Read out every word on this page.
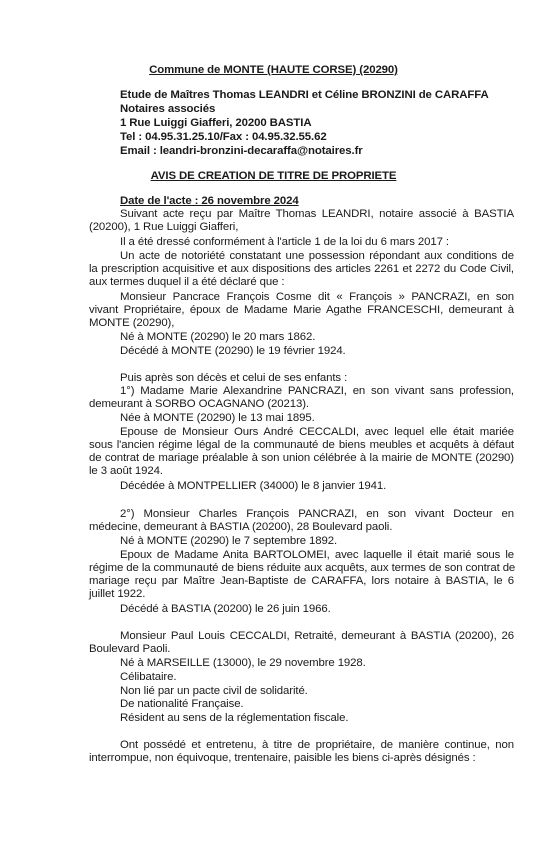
Commune de MONTE (HAUTE CORSE) (20290)
Etude de Maîtres Thomas LEANDRI et Céline BRONZINI de CARAFFA
Notaires associés
1 Rue Luiggi Giafferi, 20200 BASTIA
Tel : 04.95.31.25.10/Fax : 04.95.32.55.62
Email : leandri-bronzini-decaraffa@notaires.fr
AVIS DE CREATION DE TITRE DE PROPRIETE
Date de l'acte : 26 novembre 2024
Suivant acte reçu par Maître Thomas LEANDRI, notaire associé à BASTIA
(20200), 1 Rue Luiggi Giafferi,
Il a été dressé conformément à l'article 1 de la loi du 6 mars 2017 :
Un acte de notoriété constatant une possession répondant aux conditions de
la prescription acquisitive et aux dispositions des articles 2261 et 2272 du Code Civil,
aux termes duquel il a été déclaré que :
Monsieur Pancrace François Cosme dit « François » PANCRAZI, en son
vivant Propriétaire, époux de Madame Marie Agathe FRANCESCHI, demeurant à
MONTE (20290),
Né à MONTE (20290) le 20 mars 1862.
Décédé à MONTE (20290) le 19 février 1924.
Puis après son décès et celui de ses enfants :
1°) Madame Marie Alexandrine PANCRAZI, en son vivant sans profession,
demeurant à SORBO OCAGNANO (20213).
Née à MONTE (20290) le 13 mai 1895.
Epouse de Monsieur Ours André CECCALDI, avec lequel elle était mariée
sous l'ancien régime légal de la communauté de biens meubles et acquêts à défaut
de contrat de mariage préalable à son union célébrée à la mairie de MONTE (20290)
le 3 août 1924.
Décédée à MONTPELLIER (34000) le 8 janvier 1941.
2°) Monsieur Charles François PANCRAZI, en son vivant Docteur en
médecine, demeurant à BASTIA (20200), 28 Boulevard paoli.
Né à MONTE (20290) le 7 septembre 1892.
Epoux de Madame Anita BARTOLOMEI, avec laquelle il était marié sous le
régime de la communauté de biens réduite aux acquêts, aux termes de son contrat de
mariage reçu par Maître Jean-Baptiste de CARAFFA, lors notaire à BASTIA, le 6
juillet 1922.
Décédé à BASTIA (20200) le 26 juin 1966.
Monsieur Paul Louis CECCALDI, Retraité, demeurant à BASTIA (20200), 26
Boulevard Paoli.
Né à MARSEILLE (13000), le 29 novembre 1928.
Célibataire.
Non lié par un pacte civil de solidarité.
De nationalité Française.
Résident au sens de la réglementation fiscale.
Ont possédé et entretenu, à titre de propriétaire, de manière continue, non
interrompue, non équivoque, trentenaire, paisible les biens ci-après désignés :
